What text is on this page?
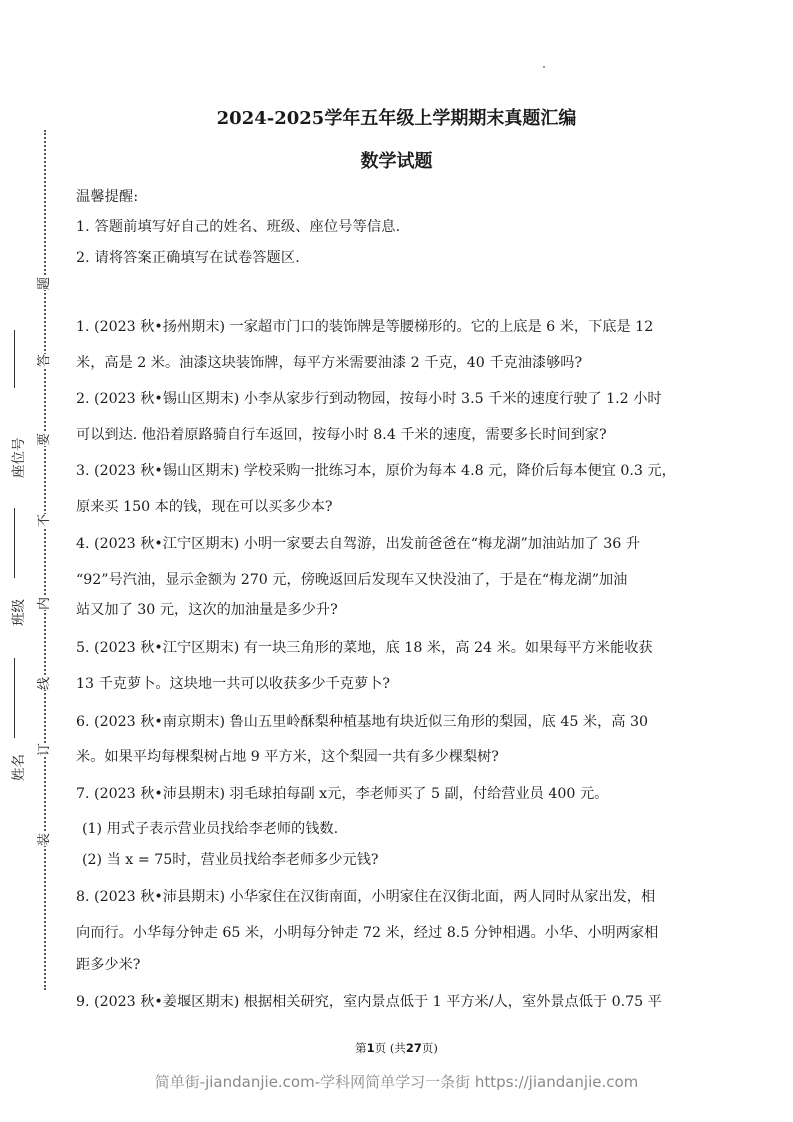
2024-2025学年五年级上学期期末真题汇编
数学试题
温馨提醒:
1. 答题前填写好自己的姓名、班级、座位号等信息.
2. 请将答案正确填写在试卷答题区.
座位号
班级
姓名
装
订
线
内
不
要
答
题
1. (2023 秋•扬州期末) 一家超市门口的装饰牌是等腰梯形的。它的上底是 6 米，下底是 12
米，高是 2 米。油漆这块装饰牌，每平方米需要油漆 2 千克，40 千克油漆够吗?
2. (2023 秋•锡山区期末) 小李从家步行到动物园，按每小时 3.5 千米的速度行驶了 1.2 小时
可以到达. 他沿着原路骑自行车返回，按每小时 8.4 千米的速度，需要多长时间到家?
3. (2023 秋•锡山区期末) 学校采购一批练习本，原价为每本 4.8 元，降价后每本便宜 0.3 元，
原来买 150 本的钱，现在可以买多少本?
4. (2023 秋•江宁区期末) 小明一家要去自驾游，出发前爸爸在“梅龙湖”加油站加了 36 升
“92”号汽油，显示金额为 270 元，傍晚返回后发现车又快没油了，于是在“梅龙湖”加油
站又加了 30 元，这次的加油量是多少升?
5. (2023 秋•江宁区期末) 有一块三角形的菜地，底 18 米，高 24 米。如果每平方米能收获
13 千克萝卜。这块地一共可以收获多少千克萝卜?
6. (2023 秋•南京期末) 鲁山五里岭酥梨种植基地有块近似三角形的梨园，底 45 米，高 30
米。如果平均每棵梨树占地 9 平方米，这个梨园一共有多少棵梨树?
7. (2023 秋•沛县期末) 羽毛球拍每副 x元，李老师买了 5 副，付给营业员 400 元。
(1) 用式子表示营业员找给李老师的钱数.
(2) 当 x = 75时，营业员找给李老师多少元钱?
8. (2023 秋•沛县期末) 小华家住在汉街南面，小明家住在汉街北面，两人同时从家出发，相
向而行。小华每分钟走 65 米，小明每分钟走 72 米，经过 8.5 分钟相遇。小华、小明两家相
距多少米?
9. (2023 秋•姜堰区期末) 根据相关研究，室内景点低于 1 平方米/人，室外景点低于 0.75 平
第1页 (共27页)
简单街-jiandanjie.com-学科网简单学习一条街 https://jiandanjie.com
